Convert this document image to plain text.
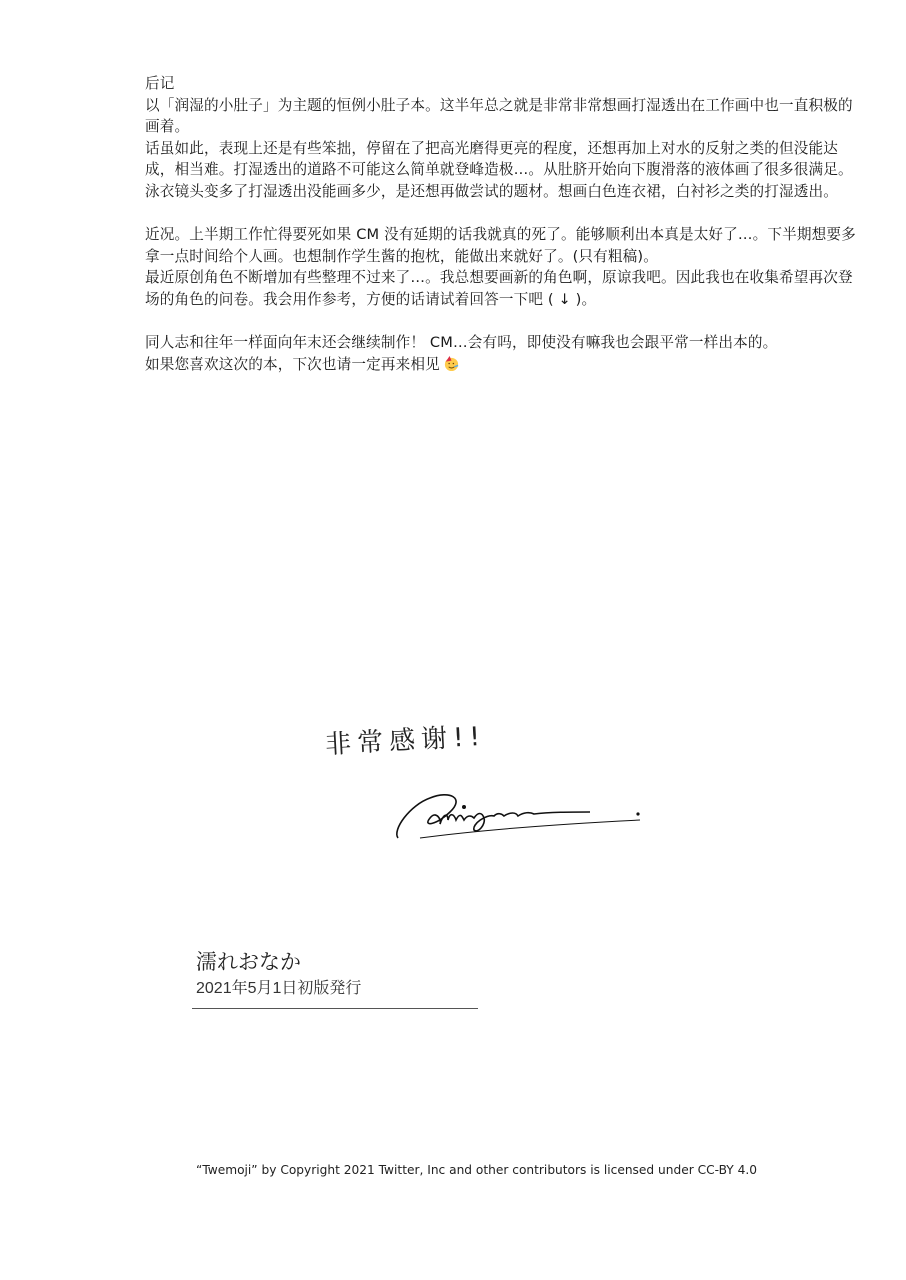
后记

以「润湿的小肚子」为主题的恒例小肚子本。这半年总之就是非常非常想画打湿透出在工作画中也一直积极的画着。

话虽如此，表现上还是有些笨拙，停留在了把高光磨得更亮的程度，还想再加上对水的反射之类的但没能达成，相当难。打湿透出的道路不可能这么简单就登峰造极…。从肚脐开始向下腹滑落的液体画了很多很满足。

泳衣镜头变多了打湿透出没能画多少，是还想再做尝试的题材。想画白色连衣裙，白衬衫之类的打湿透出。

近况。上半期工作忙得要死如果 CM 没有延期的话我就真的死了。能够顺利出本真是太好了…。下半期想要多拿一点时间给个人画。也想制作学生酱的抱枕，能做出来就好了。(只有粗稿)。

最近原创角色不断增加有些整理不过来了…。我总想要画新的角色啊，原谅我吧。因此我也在收集希望再次登场的角色的问卷。我会用作参考，方便的话请试着回答一下吧 ( ↓ )。

同人志和往年一样面向年末还会继续制作！ CM…会有吗，即使没有嘛我也会跟平常一样出本的。

如果您喜欢这次的本，下次也请一定再来相见

非常感谢!!
濡れおなか
2021年5月1日初版発行
“Twemoji” by Copyright 2021 Twitter, Inc and other contributors is licensed under CC-BY 4.0
